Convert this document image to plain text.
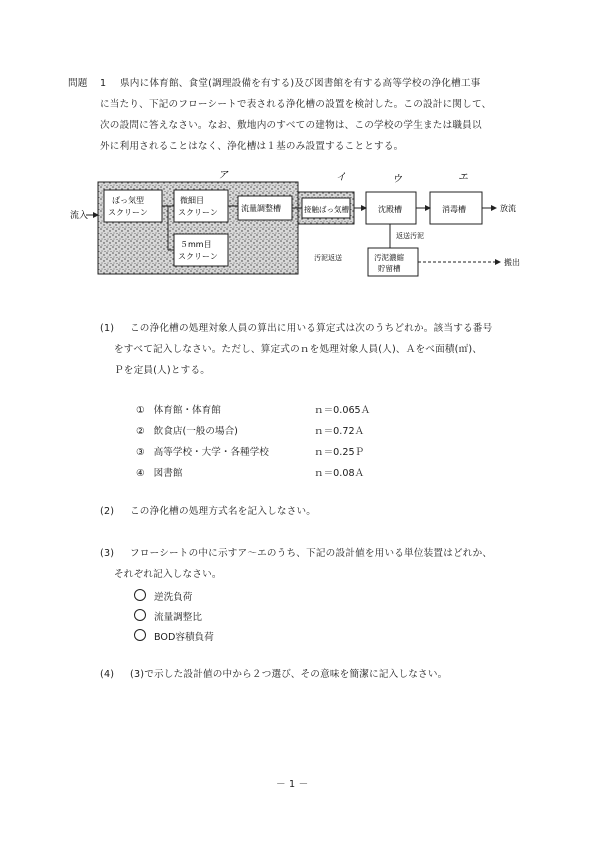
問題 1 県内に体育館、食堂(調理設備を有する)及び図書館を有する高等学校の浄化槽工事
に当たり、下記のフローシートで表される浄化槽の設置を検討した。この設計に関して、
次の設問に答えなさい。なお、敷地内のすべての建物は、この学校の学生または職員以
外に利用されることはなく、浄化槽は１基のみ設置することとする。
流入
ばっ気型
スクリーン
微細目
スクリーン
５mm目
スクリーン
流量調整槽
ア
接触ばっ気槽
イ
沈殿槽
ウ
消毒槽
エ
放流
返送汚泥
汚泥返送	汚泥濃縮
貯留槽
搬出
(1) この浄化槽の処理対象人員の算出に用いる算定式は次のうちどれか。該当する番号
をすべて記入しなさい。ただし、算定式のｎを処理対象人員(人)、Ａをべ面積(㎡)、
Ｐを定員(人)とする。
① 体育館・体育館	ｎ＝0.065Ａ
② 飲食店(一般の場合)	ｎ＝0.72Ａ
③ 高等学校・大学・各種学校	ｎ＝0.25Ｐ
④ 図書館	ｎ＝0.08Ａ
(2) この浄化槽の処理方式名を記入しなさい。
(3) フローシートの中に示すア〜エのうち、下記の設計値を用いる単位装置はどれか、
それぞれ記入しなさい。
逆洗負荷
流量調整比
BOD容積負荷
(4) (3)で示した設計値の中から２つ選び、その意味を簡潔に記入しなさい。
－ 1 －
